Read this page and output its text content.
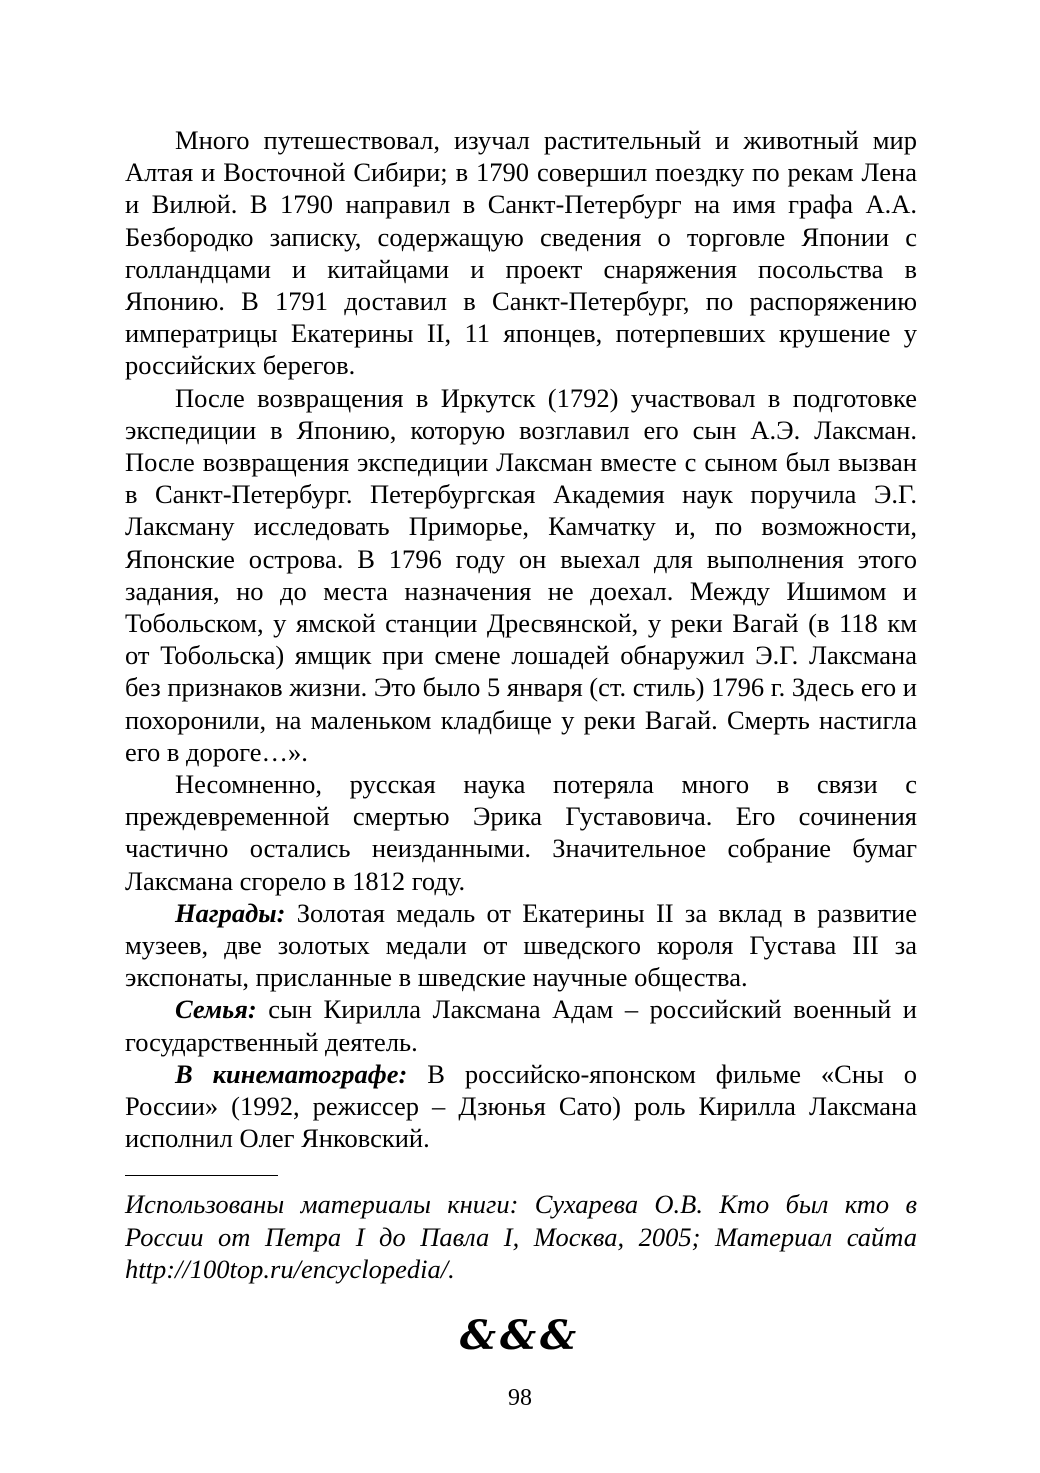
Много путешествовал, изучал растительный и животный мир Алтая и Восточной Сибири; в 1790 совершил поездку по рекам Лена и Вилюй. В 1790 направил в Санкт-Петербург на имя графа А.А. Безбородко записку, содержащую сведения о торговле Японии с голландцами и китайцами и проект снаряжения посольства в Японию. В 1791 доставил в Санкт-Петербург, по распоряжению императрицы Екатерины II, 11 японцев, потерпевших крушение у российских берегов.

После возвращения в Иркутск (1792) участвовал в подготовке экспедиции в Японию, которую возглавил его сын А.Э. Лаксман. После возвращения экспедиции Лаксман вместе с сыном был вызван в Санкт-Петербург. Петербургская Академия наук поручила Э.Г. Лаксману исследовать Приморье, Камчатку и, по возможности, Японские острова. В 1796 году он выехал для выполнения этого задания, но до места назначения не доехал. Между Ишимом и Тобольском, у ямской станции Дресвянской, у реки Вагай (в 118 км от Тобольска) ямщик при смене лошадей обнаружил Э.Г. Лаксмана без признаков жизни. Это было 5 января (ст. стиль) 1796 г. Здесь его и похоронили, на маленьком кладбище у реки Вагай. Смерть настигла его в дороге…».

Несомненно, русская наука потеряла много в связи с преждевременной смертью Эрика Густавовича. Его сочинения частично остались неизданными. Значительное собрание бумаг Лаксмана сгорело в 1812 году.

Награды: Золотая медаль от Екатерины II за вклад в развитие музеев, две золотых медали от шведского короля Густава III за экспонаты, присланные в шведские научные общества.

Семья: сын Кирилла Лаксмана Адам – российский военный и государственный деятель.

В кинематографе: В российско-японском фильме «Сны о России» (1992, режиссер – Дзюнья Сато) роль Кирилла Лаксмана исполнил Олег Янковский.

Использованы материалы книги: Сухарева О.В. Кто был кто в России от Петра I до Павла I, Москва, 2005; Материал сайта http://100top.ru/encyclopedia/.
&&&
98
